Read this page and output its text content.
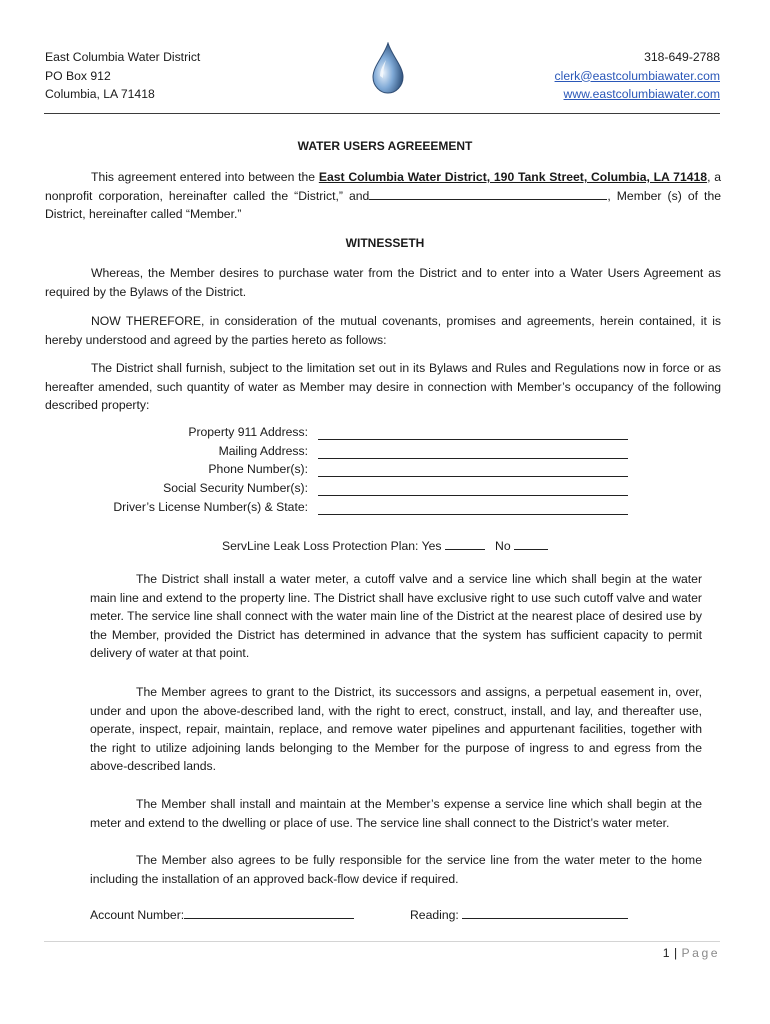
East Columbia Water District
PO Box 912
Columbia, LA 71418
318-649-2788
clerk@eastcolumbiawater.com
www.eastcolumbiawater.com
WATER USERS AGREEEMENT
This agreement entered into between the East Columbia Water District, 190 Tank Street, Columbia, LA 71418, a nonprofit corporation, hereinafter called the “District,” and	, Member (s) of the District, hereinafter called “Member.”
WITNESSETH
Whereas, the Member desires to purchase water from the District and to enter into a Water Users Agreement as required by the Bylaws of the District.
NOW THEREFORE, in consideration of the mutual covenants, promises and agreements, herein contained, it is hereby understood and agreed by the parties hereto as follows:
The District shall furnish, subject to the limitation set out in its Bylaws and Rules and Regulations now in force or as hereafter amended, such quantity of water as Member may desire in connection with Member’s occupancy of the following described property:
Property 911 Address:
Mailing Address:
Phone Number(s):
Social Security Number(s):
Driver’s License Number(s) & State:
ServLine Leak Loss Protection Plan: Yes	No
The District shall install a water meter, a cutoff valve and a service line which shall begin at the water main line and extend to the property line. The District shall have exclusive right to use such cutoff valve and water meter. The service line shall connect with the water main line of the District at the nearest place of desired use by the Member, provided the District has determined in advance that the system has sufficient capacity to permit delivery of water at that point.
The Member agrees to grant to the District, its successors and assigns, a perpetual easement in, over, under and upon the above-described land, with the right to erect, construct, install, and lay, and thereafter use, operate, inspect, repair, maintain, replace, and remove water pipelines and appurtenant facilities, together with the right to utilize adjoining lands belonging to the Member for the purpose of ingress to and egress from the above-described lands.
The Member shall install and maintain at the Member’s expense a service line which shall begin at the meter and extend to the dwelling or place of use. The service line shall connect to the District’s water meter.
The Member also agrees to be fully responsible for the service line from the water meter to the home including the installation of an approved back-flow device if required.
Account Number:	Reading:
1 | Page
